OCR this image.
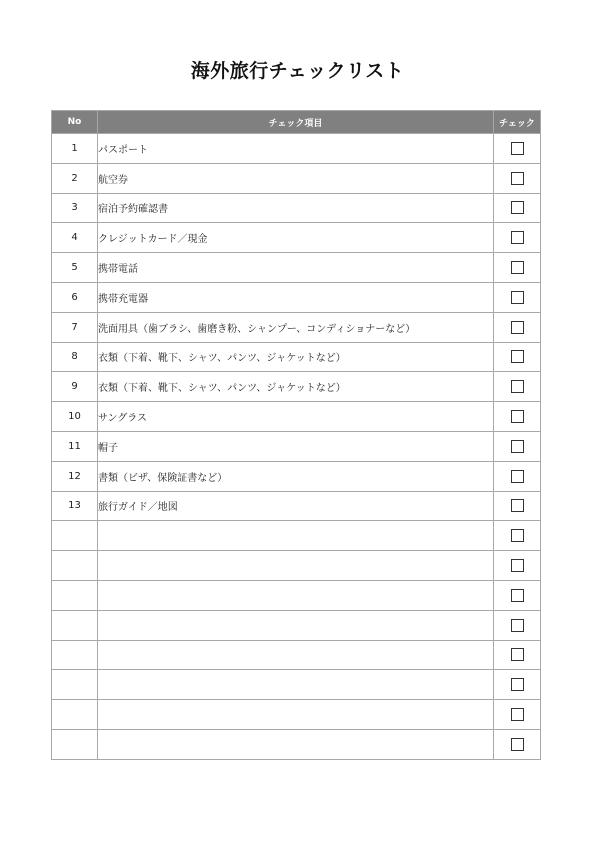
海外旅行チェックリスト
No	チェック項目	チェック
1	パスポート	
2	航空券	
3	宿泊予約確認書	
4	クレジットカード／現金	
5	携帯電話	
6	携帯充電器	
7	洗面用具（歯ブラシ、歯磨き粉、シャンプー、コンディショナーなど）	
8	衣類（下着、靴下、シャツ、パンツ、ジャケットなど）	
9	衣類（下着、靴下、シャツ、パンツ、ジャケットなど）	
10	サングラス	
11	帽子	
12	書類（ビザ、保険証書など）	
13	旅行ガイド／地図	
